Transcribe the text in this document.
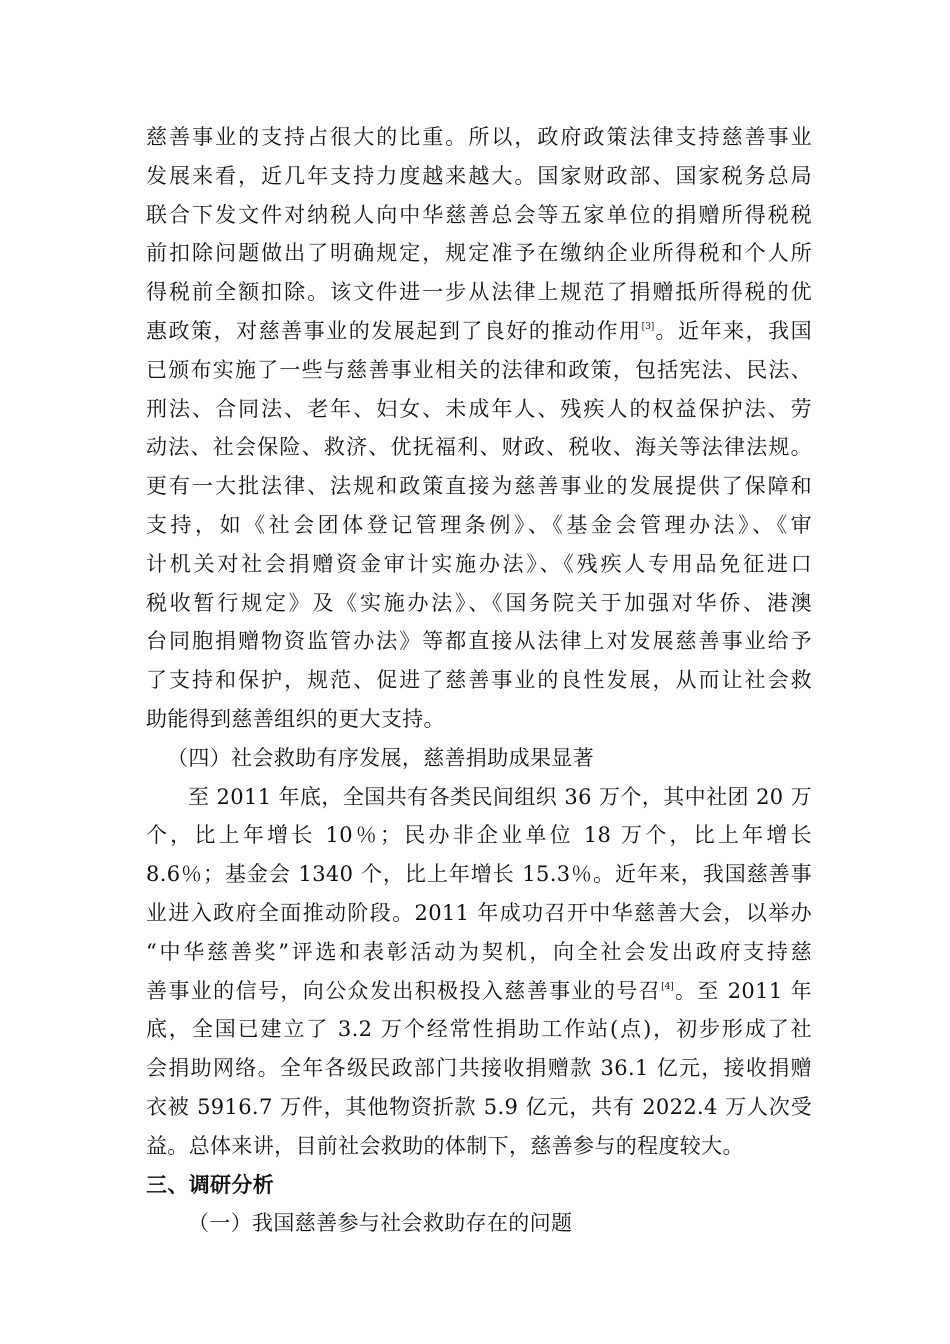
慈善事业的支持占很大的比重。所以，政府政策法律支持慈善事业
发展来看，近几年支持力度越来越大。国家财政部、国家税务总局
联合下发文件对纳税人向中华慈善总会等五家单位的捐赠所得税税
前扣除问题做出了明确规定，规定准予在缴纳企业所得税和个人所
得税前全额扣除。该文件进一步从法律上规范了捐赠抵所得税的优
惠政策，对慈善事业的发展起到了良好的推动作用[3]。近年来，我国
已颁布实施了一些与慈善事业相关的法律和政策，包括宪法、民法、
刑法、合同法、老年、妇女、未成年人、残疾人的权益保护法、劳
动法、社会保险、救济、优抚福利、财政、税收、海关等法律法规。
更有一大批法律、法规和政策直接为慈善事业的发展提供了保障和
支持，如《社会团体登记管理条例》、《基金会管理办法》、《审
计机关对社会捐赠资金审计实施办法》、《残疾人专用品免征进口
税收暂行规定》及《实施办法》、《国务院关于加强对华侨、港澳
台同胞捐赠物资监管办法》等都直接从法律上对发展慈善事业给予
了支持和保护，规范、促进了慈善事业的良性发展，从而让社会救
助能得到慈善组织的更大支持。
（四）社会救助有序发展，慈善捐助成果显著
至 2011 年底，全国共有各类民间组织 36 万个，其中社团 20 万
个，比上年增长 10％；民办非企业单位 18 万个，比上年增长
8.6％；基金会 1340 个，比上年增长 15.3％。近年来，我国慈善事
业进入政府全面推动阶段。2011 年成功召开中华慈善大会，以举办
“中华慈善奖”评选和表彰活动为契机，向全社会发出政府支持慈
善事业的信号，向公众发出积极投入慈善事业的号召[4]。至 2011 年
底，全国已建立了 3.2 万个经常性捐助工作站(点)，初步形成了社
会捐助网络。全年各级民政部门共接收捐赠款 36.1 亿元，接收捐赠
衣被 5916.7 万件，其他物资折款 5.9 亿元，共有 2022.4 万人次受
益。总体来讲，目前社会救助的体制下，慈善参与的程度较大。
三、调研分析
（一）我国慈善参与社会救助存在的问题
